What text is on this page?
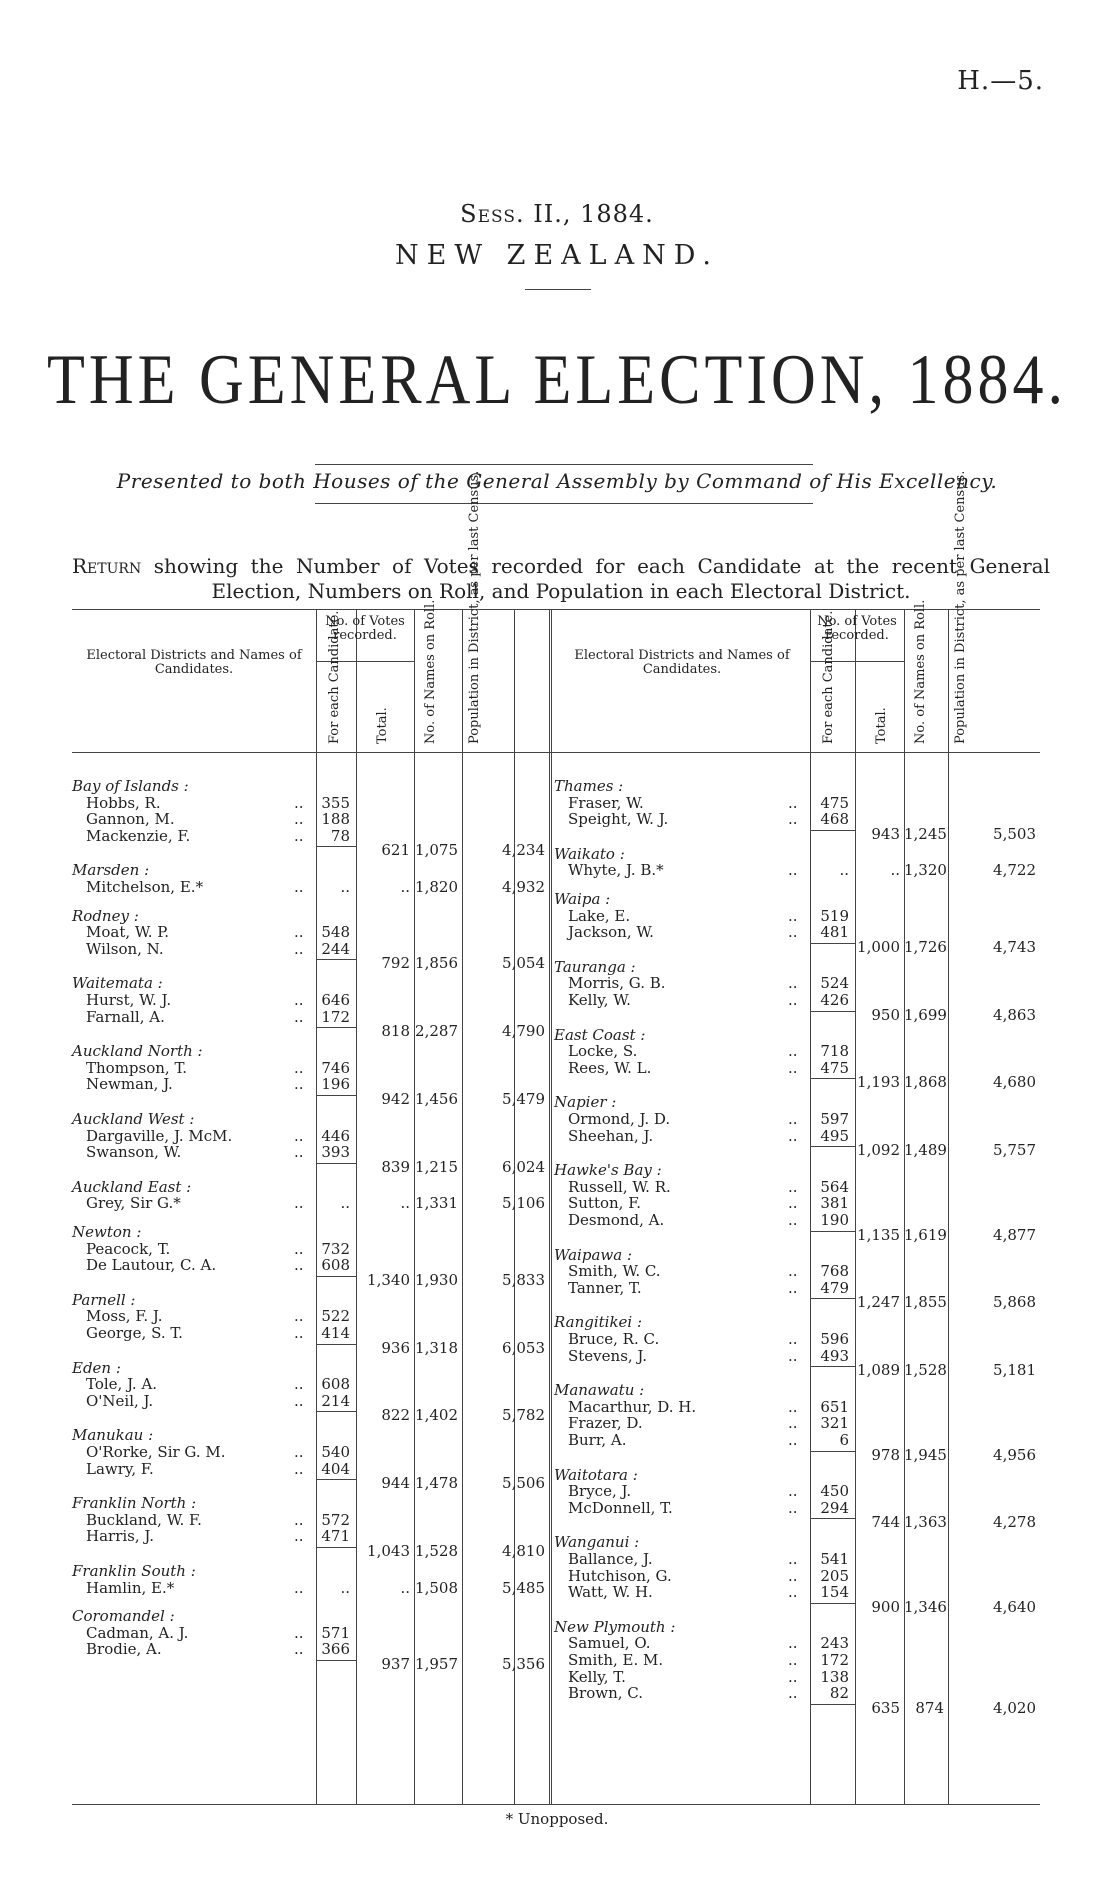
H.—5.
Sess. II., 1884.
NEW ZEALAND.
THE GENERAL ELECTION, 1884.
Presented to both Houses of the General Assembly by Command of His Excellency.
Return showing the Number of Votes recorded for each Candidate at the recent General Election, Numbers on Roll, and Population in each Electoral District.
Electoral Districts and Names of Candidates.
No. of Votes recorded.
For each Candidate.	Total.	No. of Names on Roll. Population in District, as per last Census.	Electoral Districts and Names of Candidates.
No. of Votes recorded.
For each Candidate.	Total. No. of Names on Roll. Population in District, as per last Census.
Bay of Islands :
Hobbs, R.	..	355
Gannon, M.	..	188
Mackenzie, F.	..	78
621 1,075	4,234
Marsden :
Mitchelson, E.*	..	..	.. 1,820	4,932
Rodney :
Moat, W. P.	..	548
Wilson, N.	..	244
792 1,856	5,054
Waitemata :
Hurst, W. J.	..	646
Farnall, A.	..	172
818 2,287	4,790
Auckland North :
Thompson, T.	..	746
Newman, J.	..	196
942 1,456	5,479
Auckland West :
Dargaville, J. McM.	..	446
Swanson, W.	..	393
839 1,215	6,024
Auckland East :
Grey, Sir G.*	..	..	.. 1,331	5,106
Newton :
Peacock, T.	..	732
De Lautour, C. A.	..	608
1,340 1,930	5,833
Parnell :
Moss, F. J.	..	522
George, S. T.	..	414
936 1,318	6,053
Eden :
Tole, J. A.	..	608
O'Neil, J.	..	214
822 1,402	5,782
Manukau :
O'Rorke, Sir G. M.	..	540
Lawry, F.	..	404
944 1,478	5,506
Franklin North :
Buckland, W. F.	..	572
Harris, J.	..	471
1,043 1,528	4,810
Franklin South :
Hamlin, E.*	..	..	.. 1,508	5,485
Coromandel :
Cadman, A. J.	..	571
Brodie, A.	..	366
937 1,957	5,356
Thames :
Fraser, W.	..	475
Speight, W. J.	..	468
943 1,245	5,503
Waikato :
Whyte, J. B.*	..	..	.. 1,320	4,722
Waipa :
Lake, E.	..	519
Jackson, W.	..	481
1,000 1,726	4,743
Tauranga :
Morris, G. B.	..	524
Kelly, W.	..	426
950 1,699	4,863
East Coast :
Locke, S.	..	718
Rees, W. L.	..	475
1,193 1,868	4,680
Napier :
Ormond, J. D.	..	597
Sheehan, J.	..	495
1,092 1,489	5,757
Hawke's Bay :
Russell, W. R.	..	564
Sutton, F.	..	381
Desmond, A.	..	190
1,135 1,619	4,877
Waipawa :
Smith, W. C.	..	768
Tanner, T.	..	479
1,247 1,855	5,868
Rangitikei :
Bruce, R. C.	..	596
Stevens, J.	..	493
1,089 1,528	5,181
Manawatu :
Macarthur, D. H.	..	651
Frazer, D.	..	321
Burr, A.	..	6
978 1,945	4,956
Waitotara :
Bryce, J.	..	450
McDonnell, T.	..	294
744 1,363	4,278
Wanganui :
Ballance, J.	..	541
Hutchison, G.	..	205
Watt, W. H.	..	154
900 1,346	4,640
New Plymouth :
Samuel, O.	..	243
Smith, E. M.	..	172
Kelly, T.	..	138
Brown, C.	..	82
635	874	4,020
* Unopposed.
